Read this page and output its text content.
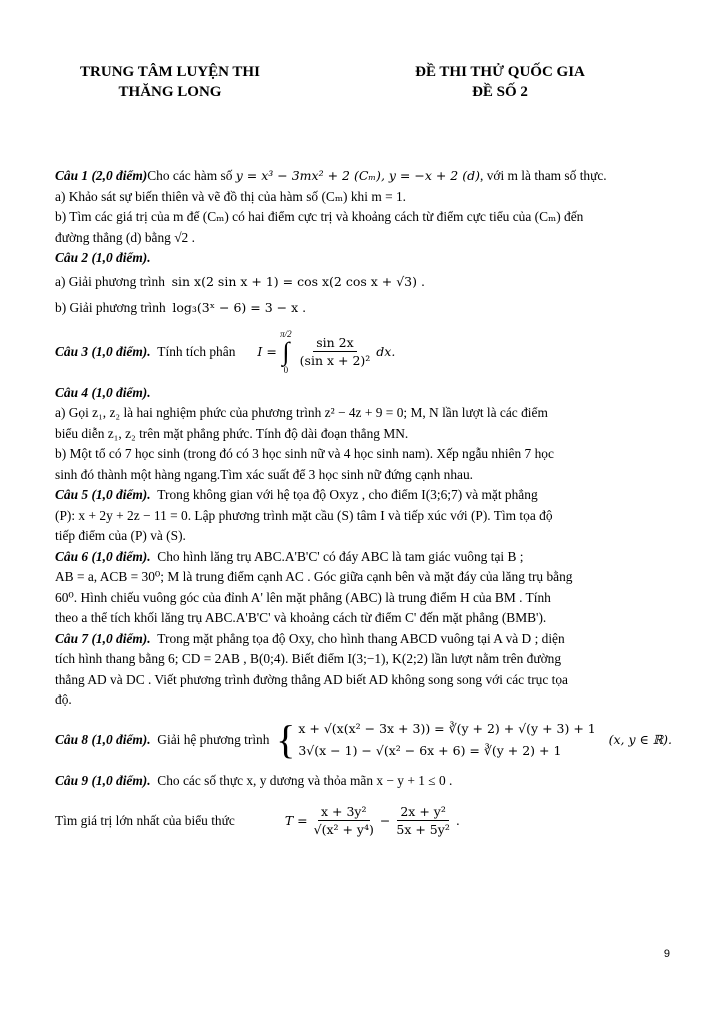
TRUNG TÂM LUYỆN THI
THĂNG LONG
ĐỀ THI THỬ QUỐC GIA
ĐỀ SỐ 2

Câu 1 (2,0 điểm)Cho các hàm số y = x³ − 3mx² + 2 (Cₘ), y = −x + 2 (d), với m là tham số thực.

a) Khảo sát sự biến thiên và vẽ đồ thị của hàm số (Cₘ) khi m = 1.

b) Tìm các giá trị của m để (Cₘ) có hai điểm cực trị và khoảng cách từ điểm cực tiểu của (Cₘ) đến

đường thẳng (d) bằng √2 .

Câu 2 (1,0 điểm).

a) Giải phương trình sin x(2 sin x + 1) = cos x(2 cos x + √3) .

b) Giải phương trình log₃(3ˣ − 6) = 3 − x .

Câu 3 (1,0 điểm).
Tính tích phân I =

π/2
∫
0
$\frac{\sin 2x}{\text{(sin x + 2)²}}$ dx.

Câu 4 (1,0 điểm).

a) Gọi z₁, z₂ là hai nghiệm phức của phương trình z² − 4z + 9 = 0; M, N lần lượt là các điểm

biểu diễn z₁, z₂ trên mặt phẳng phức. Tính độ dài đoạn thẳng MN.

b) Một tổ có 7 học sinh (trong đó có 3 học sinh nữ và 4 học sinh nam). Xếp ngẫu nhiên 7 học

sinh đó thành một hàng ngang.Tìm xác suất để 3 học sinh nữ đứng cạnh nhau.

Câu 5 (1,0 điểm). Trong không gian với hệ tọa độ Oxyz , cho điểm I(3;6;7) và mặt phẳng

(P): x + 2y + 2z − 11 = 0. Lập phương trình mặt cầu (S) tâm I và tiếp xúc với (P). Tìm tọa độ

tiếp điểm của (P) và (S).

Câu 6 (1,0 điểm). Cho hình lăng trụ ABC.A'B'C' có đáy ABC là tam giác vuông tại B ;

AB = a, ACB = 30⁰; M là trung điểm cạnh AC . Góc giữa cạnh bên và mặt đáy của lăng trụ bằng

60⁰. Hình chiếu vuông góc của đỉnh A' lên mặt phẳng (ABC) là trung điểm H của BM . Tính

theo a thể tích khối lăng trụ ABC.A'B'C' và khoảng cách từ điểm C' đến mặt phẳng (BMB').

Câu 7 (1,0 điểm). Trong mặt phẳng tọa độ Oxy, cho hình thang ABCD vuông tại A và D ; diện

tích hình thang bằng 6; CD = 2AB , B(0;4). Biết điểm I(3;−1), K(2;2) lần lượt nằm trên đường

thẳng AD và DC . Viết phương trình đường thẳng AD biết AD không song song với các trục tọa

độ.

Câu 8 (1,0 điểm).
Giải hệ phương trình
{ x + √(x(x² − 3x + 3)) = ∛(y + 2) + √(y + 3) + 1
3√(x − 1) − √(x² − 6x + 6) = ∛(y + 2) + 1
(x, y ∈ ℝ).

Câu 9 (1,0 điểm). Cho các số thực x, y dương và thỏa mãn x − y + 1 ≤ 0 .

Tìm giá trị lớn nhất của biểu thức	$T = \frac{\text{x + 3y²}}{\text{√(x² + y⁴)}} - \frac{\text{2x + y²}}{\text{5x + 5y²}}$ .
9
